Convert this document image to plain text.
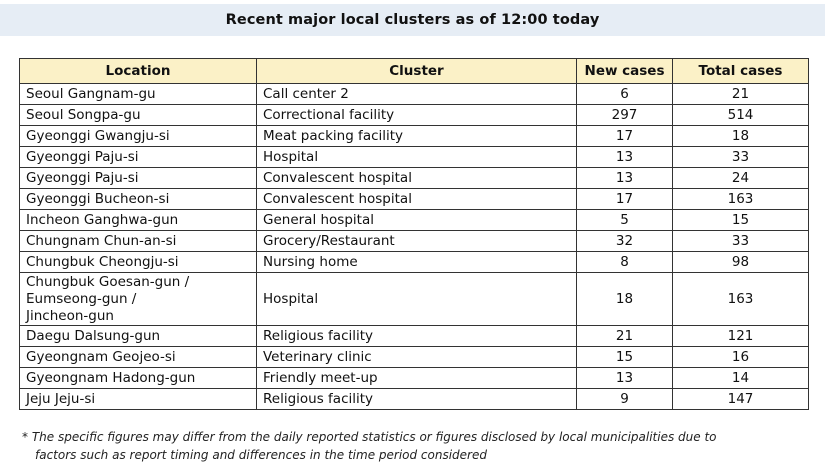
Recent major local clusters as of 12:00 today
Location	Cluster	New cases	Total cases
Seoul Gangnam-gu	Call center 2	6	21
Seoul Songpa-gu	Correctional facility	297	514
Gyeonggi Gwangju-si	Meat packing facility	17	18
Gyeonggi Paju-si	Hospital	13	33
Gyeonggi Paju-si	Convalescent hospital	13	24
Gyeonggi Bucheon-si	Convalescent hospital	17	163
Incheon Ganghwa-gun	General hospital	5	15
Chungnam Chun-an-si	Grocery/Restaurant	32	33
Chungbuk Cheongju-si	Nursing home	8	98

Chungbuk Goesan-gun /
Eumseong-gun /
Jincheon-gun	Hospital	18	163
Daegu Dalsung-gun	Religious facility	21	121
Gyeongnam Geojeo-si	Veterinary clinic	15	16
Gyeongnam Hadong-gun	Friendly meet-up	13	14
Jeju Jeju-si	Religious facility	9	147
* The specific figures may differ from the daily reported statistics or figures disclosed by local municipalities due to
factors such as report timing and differences in the time period considered
